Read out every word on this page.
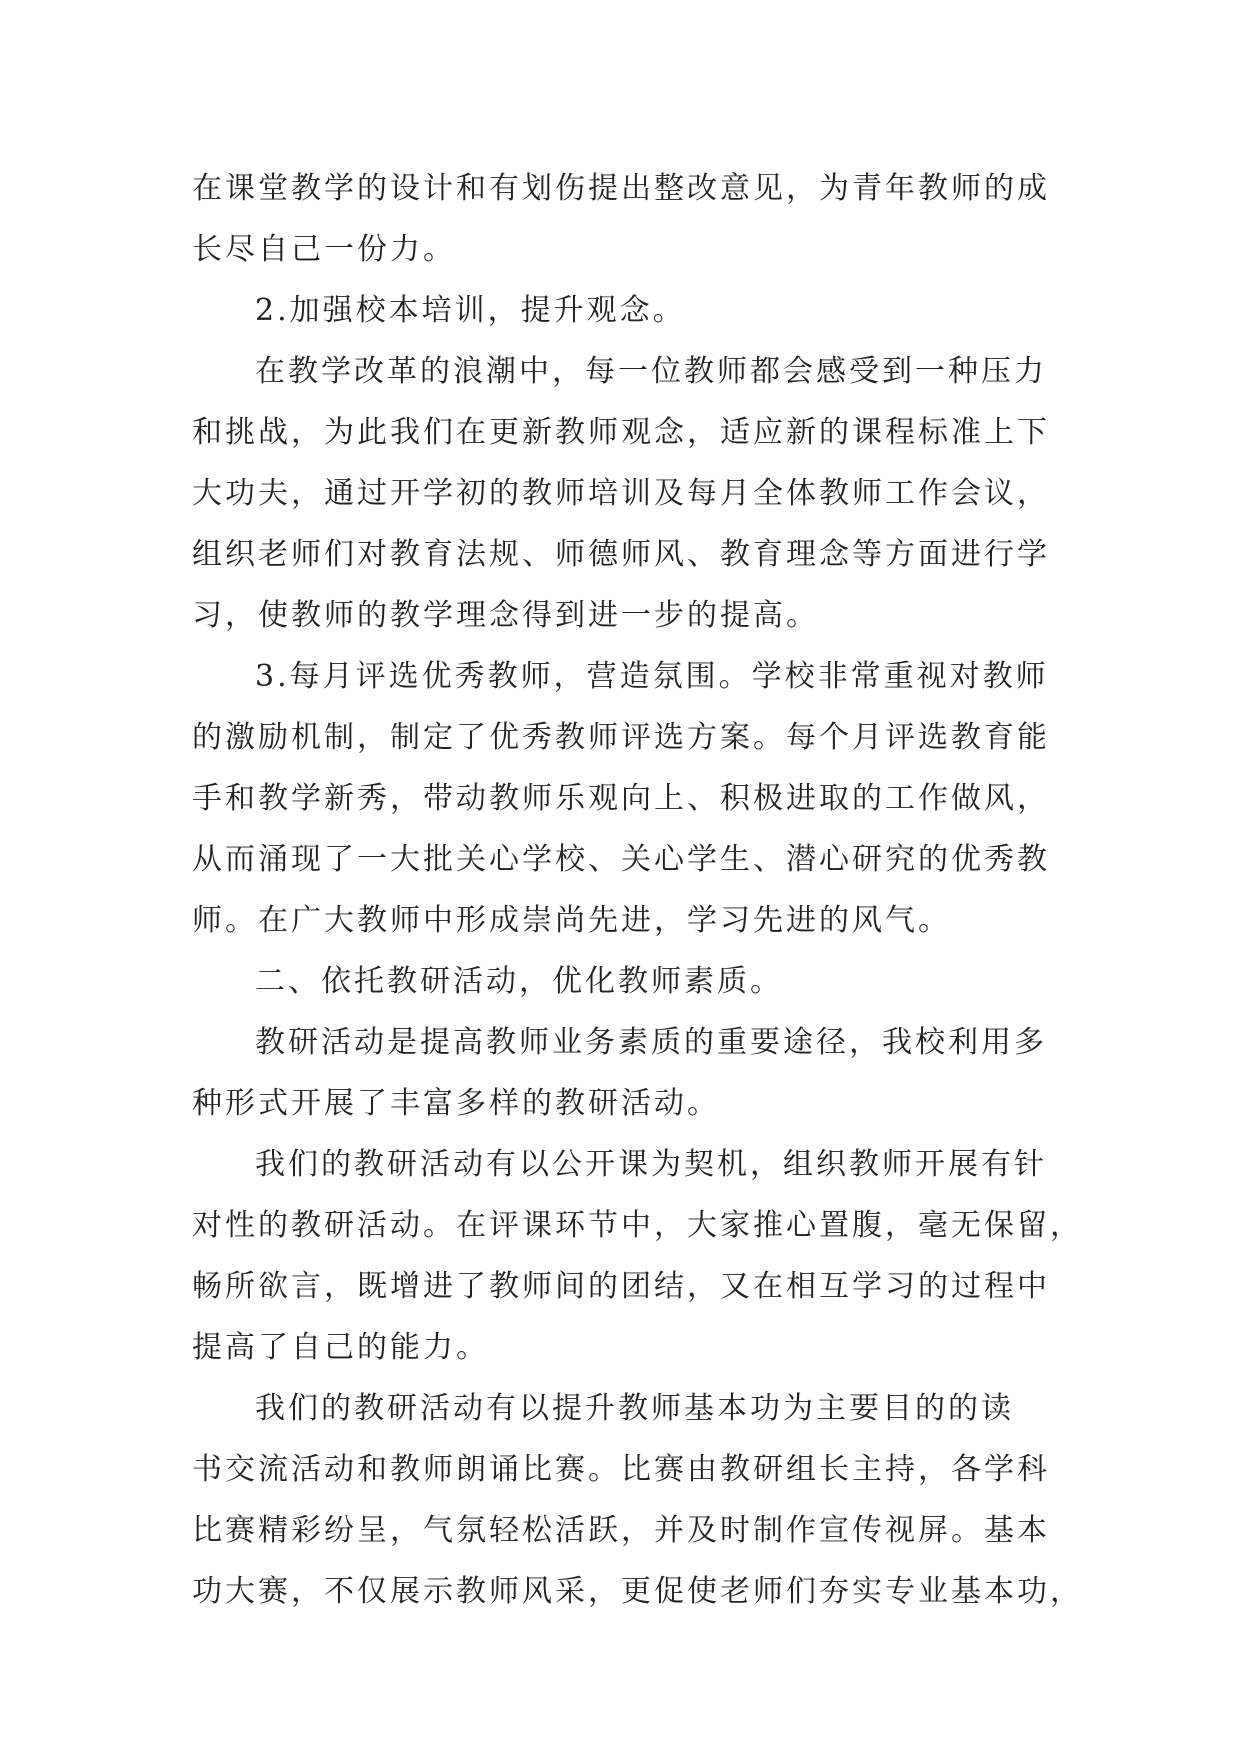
在课堂教学的设计和有划伤提出整改意见，为青年教师的成
长尽自己一份力。
2.加强校本培训，提升观念。
在教学改革的浪潮中，每一位教师都会感受到一种压力
和挑战，为此我们在更新教师观念，适应新的课程标准上下
大功夫，通过开学初的教师培训及每月全体教师工作会议，
组织老师们对教育法规、师德师风、教育理念等方面进行学
习，使教师的教学理念得到进一步的提高。
3.每月评选优秀教师，营造氛围。学校非常重视对教师
的激励机制，制定了优秀教师评选方案。每个月评选教育能
手和教学新秀，带动教师乐观向上、积极进取的工作做风，
从而涌现了一大批关心学校、关心学生、潜心研究的优秀教
师。在广大教师中形成崇尚先进，学习先进的风气。
二、依托教研活动，优化教师素质。
教研活动是提高教师业务素质的重要途径，我校利用多
种形式开展了丰富多样的教研活动。
我们的教研活动有以公开课为契机，组织教师开展有针
对性的教研活动。在评课环节中，大家推心置腹，毫无保留，
畅所欲言，既增进了教师间的团结，又在相互学习的过程中
提高了自己的能力。
我们的教研活动有以提升教师基本功为主要目的的读
书交流活动和教师朗诵比赛。比赛由教研组长主持，各学科
比赛精彩纷呈，气氛轻松活跃，并及时制作宣传视屏。基本
功大赛，不仅展示教师风采，更促使老师们夯实专业基本功，
